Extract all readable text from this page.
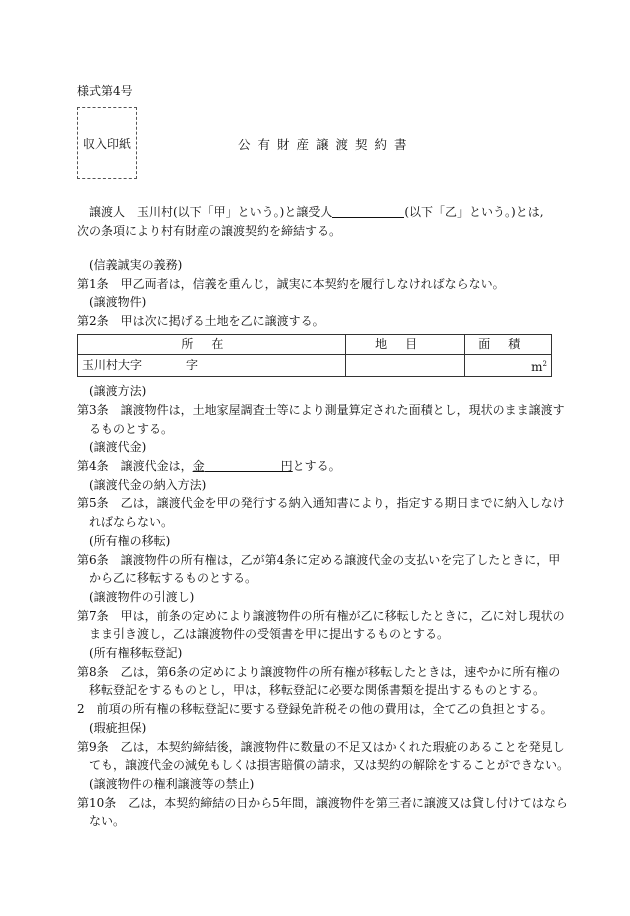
様式第4号
収入印紙	公有財産譲渡契約書

譲渡人　玉川村(以下「甲」という。)と譲受人	(以下「乙」という。)とは,

次の条項により村有財産の譲渡契約を締結する。

(信義誠実の義務)
第1条　甲乙両者は，信義を重んじ，誠実に本契約を履行しなければならない。
(譲渡物件)
第2条　甲は次に掲げる土地を乙に譲渡する。
所在	地目	面積
玉川村大字 字		$m^2$
(譲渡方法)
第3条　譲渡物件は，土地家屋調査士等により測量算定された面積とし，現状のまま譲渡す
るものとする。
(譲渡代金)
第4条　譲渡代金は，金	円とする。
(譲渡代金の納入方法)
第5条　乙は，譲渡代金を甲の発行する納入通知書により，指定する期日までに納入しなけ
ればならない。
(所有権の移転)
第6条　譲渡物件の所有権は，乙が第4条に定める譲渡代金の支払いを完了したときに，甲
から乙に移転するものとする。
(譲渡物件の引渡し)
第7条　甲は，前条の定めにより譲渡物件の所有権が乙に移転したときに，乙に対し現状の
まま引き渡し，乙は譲渡物件の受領書を甲に提出するものとする。
(所有権移転登記)
第8条　乙は，第6条の定めにより譲渡物件の所有権が移転したときは，速やかに所有権の
移転登記をするものとし，甲は，移転登記に必要な関係書類を提出するものとする。
2　前項の所有権の移転登記に要する登録免許税その他の費用は，全て乙の負担とする。
(瑕疵担保)
第9条　乙は，本契約締結後，譲渡物件に数量の不足又はかくれた瑕疵のあることを発見し
ても，譲渡代金の減免もしくは損害賠償の請求，又は契約の解除をすることができない。
(譲渡物件の権利譲渡等の禁止)
第10条　乙は，本契約締結の日から5年間，譲渡物件を第三者に譲渡又は貸し付けてはなら
ない。
